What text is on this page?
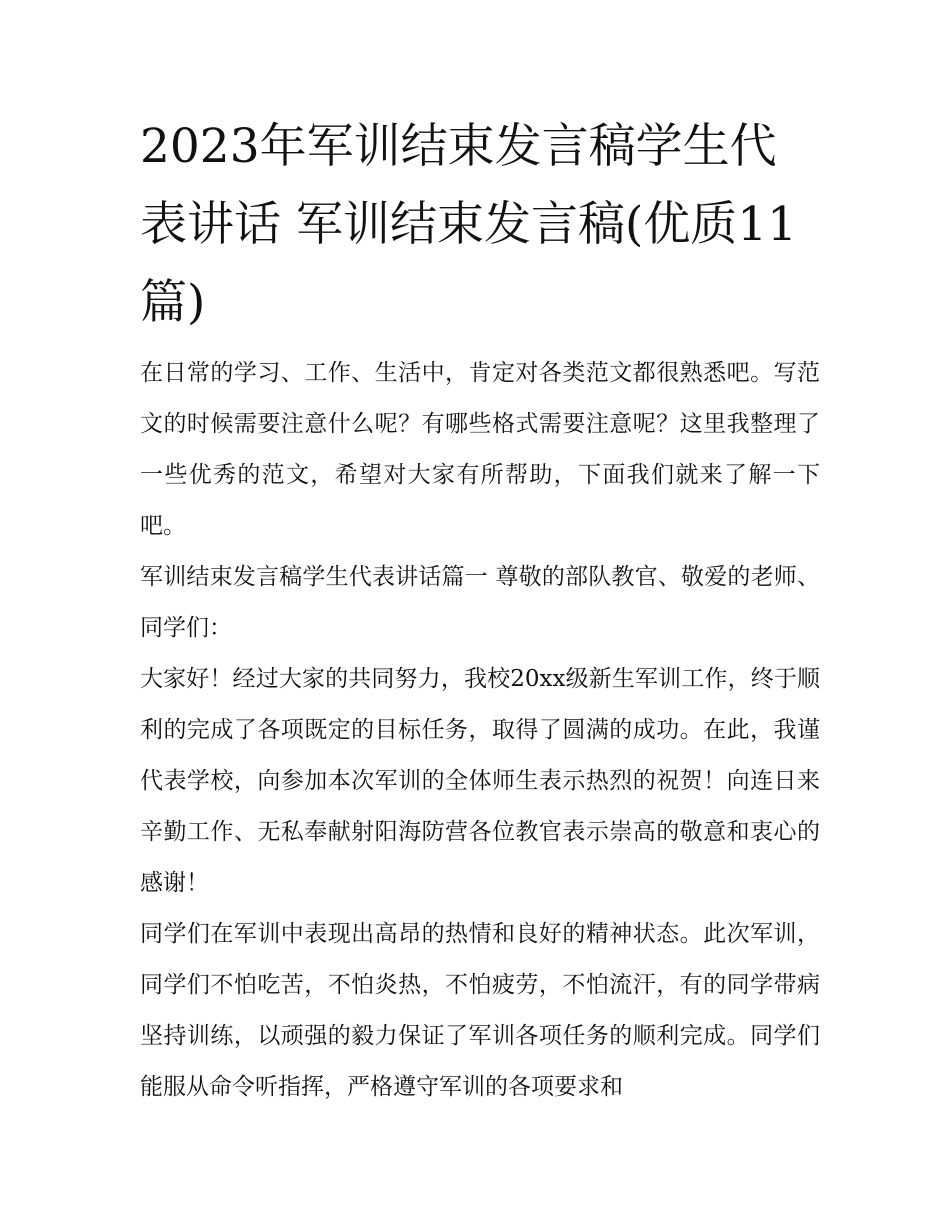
2023年军训结束发言稿学生代表讲话 军训结束发言稿(优质11篇)

在日常的学习、工作、生活中，肯定对各类范文都很熟悉吧。写范文的时候需要注意什么呢？有哪些格式需要注意呢？这里我整理了一些优秀的范文，希望对大家有所帮助，下面我们就来了解一下吧。

军训结束发言稿学生代表讲话篇一 尊敬的部队教官、敬爱的老师、同学们：

大家好！经过大家的共同努力，我校20xx级新生军训工作，终于顺利的完成了各项既定的目标任务，取得了圆满的成功。在此，我谨代表学校，向参加本次军训的全体师生表示热烈的祝贺！向连日来辛勤工作、无私奉献射阳海防营各位教官表示崇高的敬意和衷心的感谢！

同学们在军训中表现出高昂的热情和良好的精神状态。此次军训，同学们不怕吃苦，不怕炎热，不怕疲劳，不怕流汗，有的同学带病坚持训练，以顽强的毅力保证了军训各项任务的顺利完成。同学们能服从命令听指挥，严格遵守军训的各项要求和
